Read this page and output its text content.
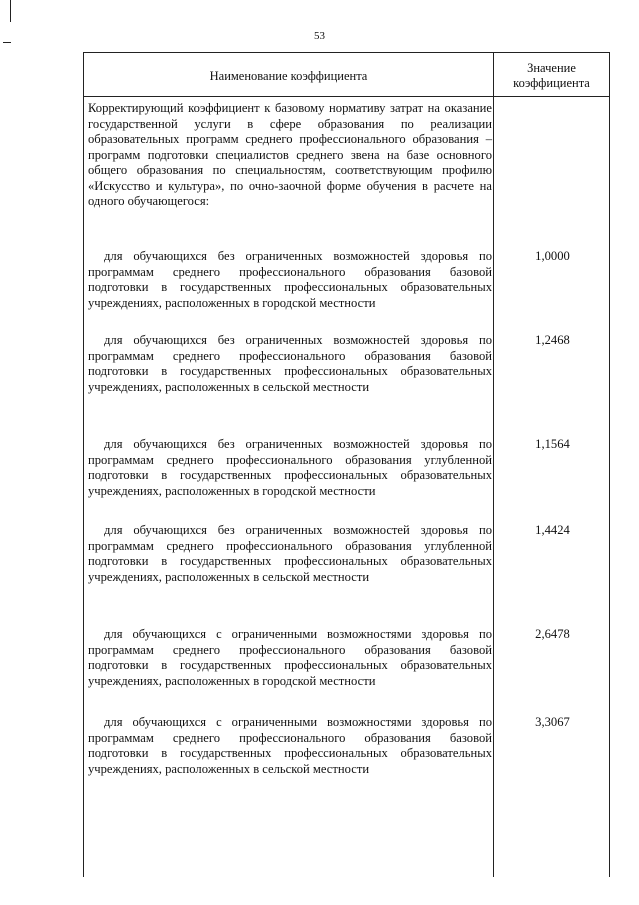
53
Наименование коэффициента
Значение
коэффициента
Корректирующий коэффициент к базовому нормативу затрат на оказание государственной услуги в сфере образования по реализации образовательных программ среднего профессионального образования – программ подготовки специалистов среднего звена на базе основного общего образования по специальностям, соответствующим профилю «Искусство и культура», по очно-заочной форме обучения в расчете на одного обучающегося:
для обучающихся без ограниченных возможностей здоровья по программам среднего профессионального образования базовой подготовки в государственных профессиональных образовательных учреждениях, расположенных в городской местности
1,0000
для обучающихся без ограниченных возможностей здоровья по программам среднего профессионального образования базовой подготовки в государственных профессиональных образовательных учреждениях, расположенных в сельской местности
1,2468
для обучающихся без ограниченных возможностей здоровья по программам среднего профессионального образования углубленной подготовки в государственных профессиональных образовательных учреждениях, расположенных в городской местности
1,1564
для обучающихся без ограниченных возможностей здоровья по программам среднего профессионального образования углубленной подготовки в государственных профессиональных образовательных учреждениях, расположенных в сельской местности
1,4424
для обучающихся с ограниченными возможностями здоровья по программам среднего профессионального образования базовой подготовки в государственных профессиональных образовательных учреждениях, расположенных в городской местности
2,6478
для обучающихся с ограниченными возможностями здоровья по программам среднего профессионального образования базовой подготовки в государственных профессиональных образовательных учреждениях, расположенных в сельской местности
3,3067
